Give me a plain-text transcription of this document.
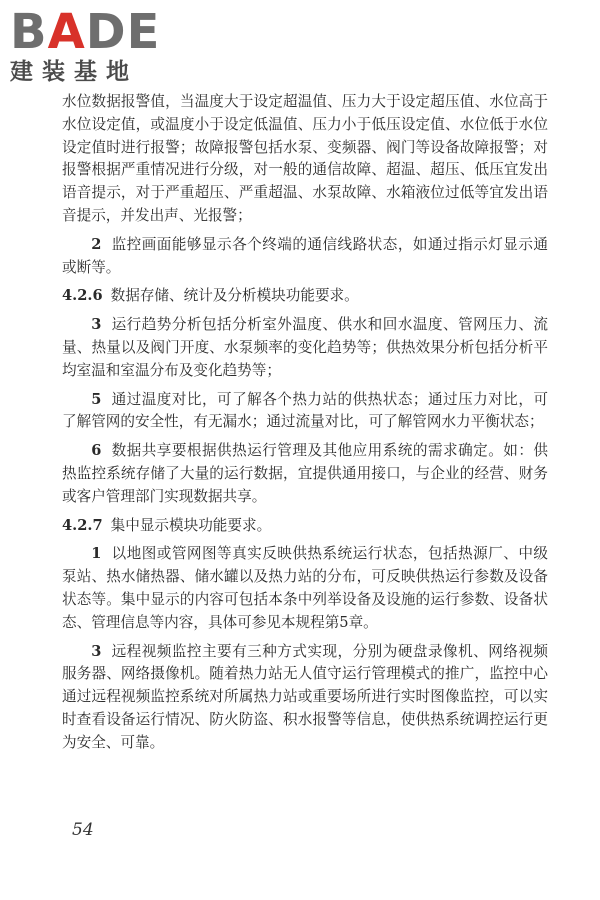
BADE
建装基地

水位数据报警值，当温度大于设定超温值、压力大于设定超压值、水位高于水位设定值，或温度小于设定低温值、压力小于低压设定值、水位低于水位设定值时进行报警；故障报警包括水泵、变频器、阀门等设备故障报警；对报警根据严重情况进行分级，对一般的通信故障、超温、超压、低压宜发出语音提示，对于严重超压、严重超温、水泵故障、水箱液位过低等宜发出语音提示，并发出声、光报警；

2 监控画面能够显示各个终端的通信线路状态，如通过指示灯显示通或断等。

4.2.6 数据存储、统计及分析模块功能要求。

3 运行趋势分析包括分析室外温度、供水和回水温度、管网压力、流量、热量以及阀门开度、水泵频率的变化趋势等；供热效果分析包括分析平均室温和室温分布及变化趋势等；

5 通过温度对比，可了解各个热力站的供热状态；通过压力对比，可了解管网的安全性，有无漏水；通过流量对比，可了解管网水力平衡状态；

6 数据共享要根据供热运行管理及其他应用系统的需求确定。如：供热监控系统存储了大量的运行数据，宜提供通用接口，与企业的经营、财务或客户管理部门实现数据共享。

4.2.7 集中显示模块功能要求。

1 以地图或管网图等真实反映供热系统运行状态，包括热源厂、中级泵站、热水储热器、储水罐以及热力站的分布，可反映供热运行参数及设备状态等。集中显示的内容可包括本条中列举设备及设施的运行参数、设备状态、管理信息等内容，具体可参见本规程第5章。

3 远程视频监控主要有三种方式实现，分别为硬盘录像机、网络视频服务器、网络摄像机。随着热力站无人值守运行管理模式的推广，监控中心通过远程视频监控系统对所属热力站或重要场所进行实时图像监控，可以实时查看设备运行情况、防火防盗、积水报警等信息，使供热系统调控运行更为安全、可靠。

54
